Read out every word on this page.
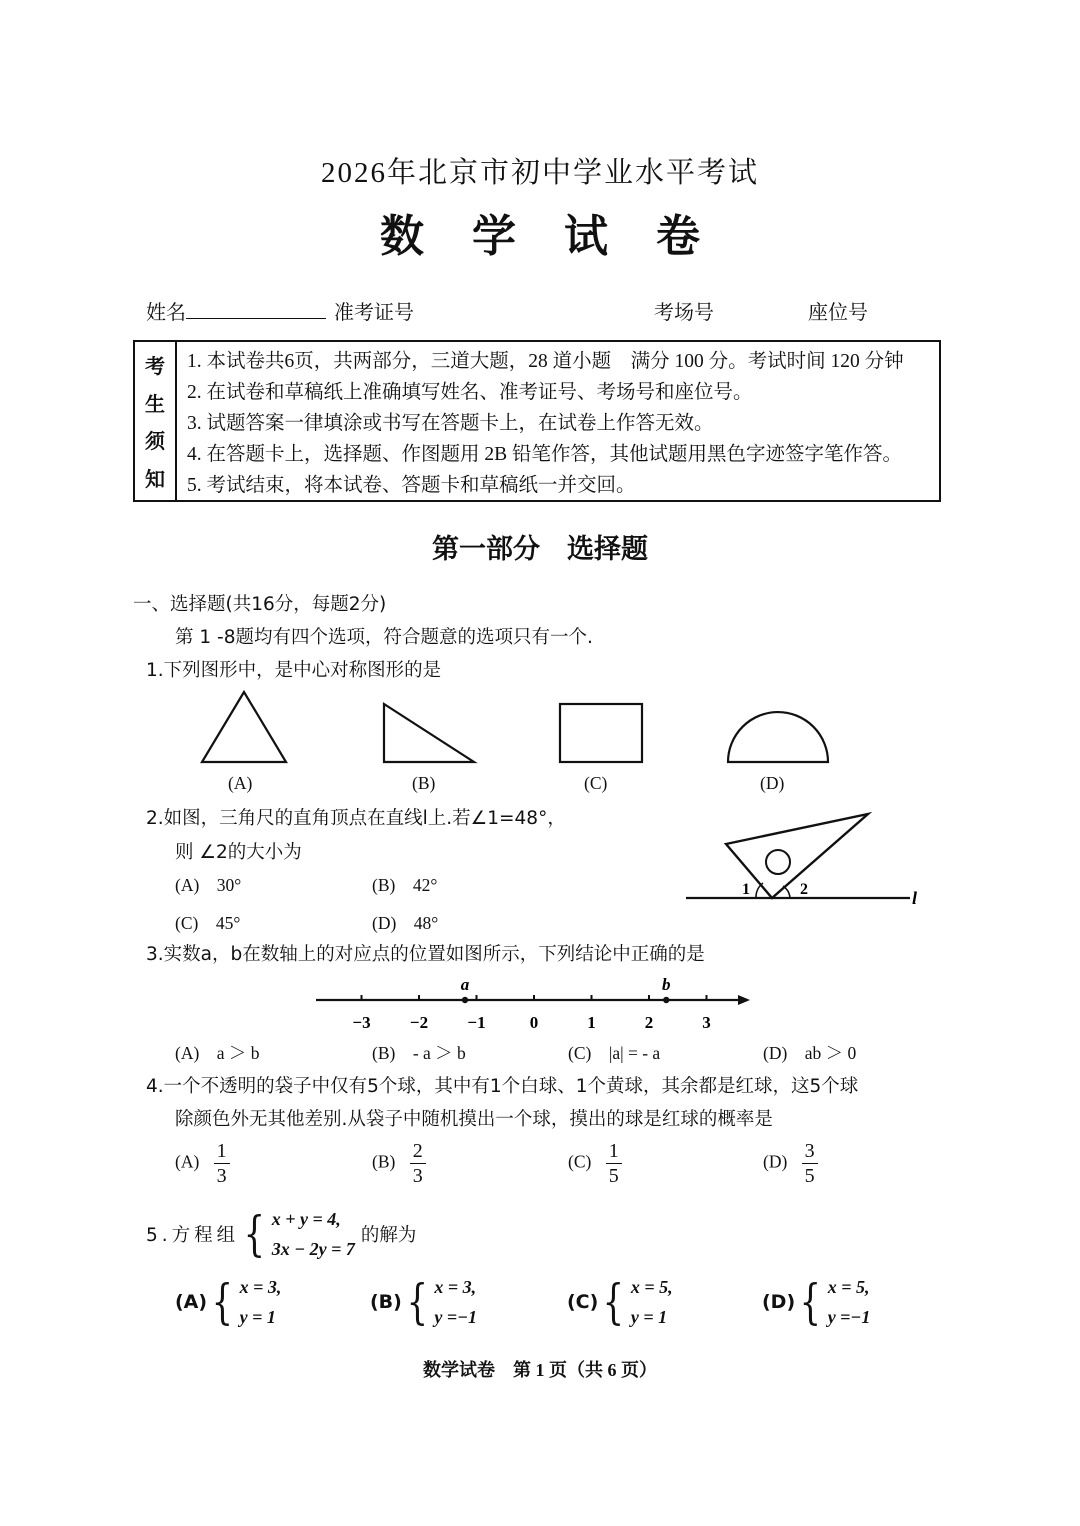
2026年北京市初中学业水平考试
数学试卷
姓名	准考证号	考场号	座位号
考
生
须
知
1. 本试卷共6页，共两部分，三道大题，28 道小题　满分 100 分。考试时间 120 分钟
2. 在试卷和草稿纸上准确填写姓名、准考证号、考场号和座位号。
3. 试题答案一律填涂或书写在答题卡上，在试卷上作答无效。
4. 在答题卡上，选择题、作图题用 2B 铅笔作答，其他试题用黑色字迹签字笔作答。
5. 考试结束，将本试卷、答题卡和草稿纸一并交回。
第一部分　选择题
一、选择题(共16分，每题2分)
第 1 -8题均有四个选项，符合题意的选项只有一个.
1.下列图形中，是中心对称图形的是
(A)	(B)	(C)	(D)
2.如图，三角尺的直角顶点在直线l上.若∠1=48°，
则 ∠2的大小为
(A)　30°	(B)　42°
(C)　45°	(D)　48°
1	2	l
3.实数a，b在数轴上的对应点的位置如图所示，下列结论中正确的是
−3 −2 −1	0	1	2	3
a	b
(A)　a ＞ b	(B)　- a ＞ b	(C)　|a| = - a	(D)　ab ＞ 0
4.一个不透明的袋子中仅有5个球，其中有1个白球、1个黄球，其余都是红球，这5个球
除颜色外无其他差别.从袋子中随机摸出一个球，摸出的球是红球的概率是
$(A) \frac{1}{3}$	$(B) \frac{2}{3}$	$(C) \frac{1}{5}$	$(D) \frac{3}{5}$
5.方程组 { x + y = 4,
3x − 2y = 7
的解为
(A) { x = 3,
y = 1
(B) { x = 3,
y =−1
(C) { x = 5,
y = 1
(D) { x = 5,
y =−1
数学试卷　第 1 页（共 6 页）
